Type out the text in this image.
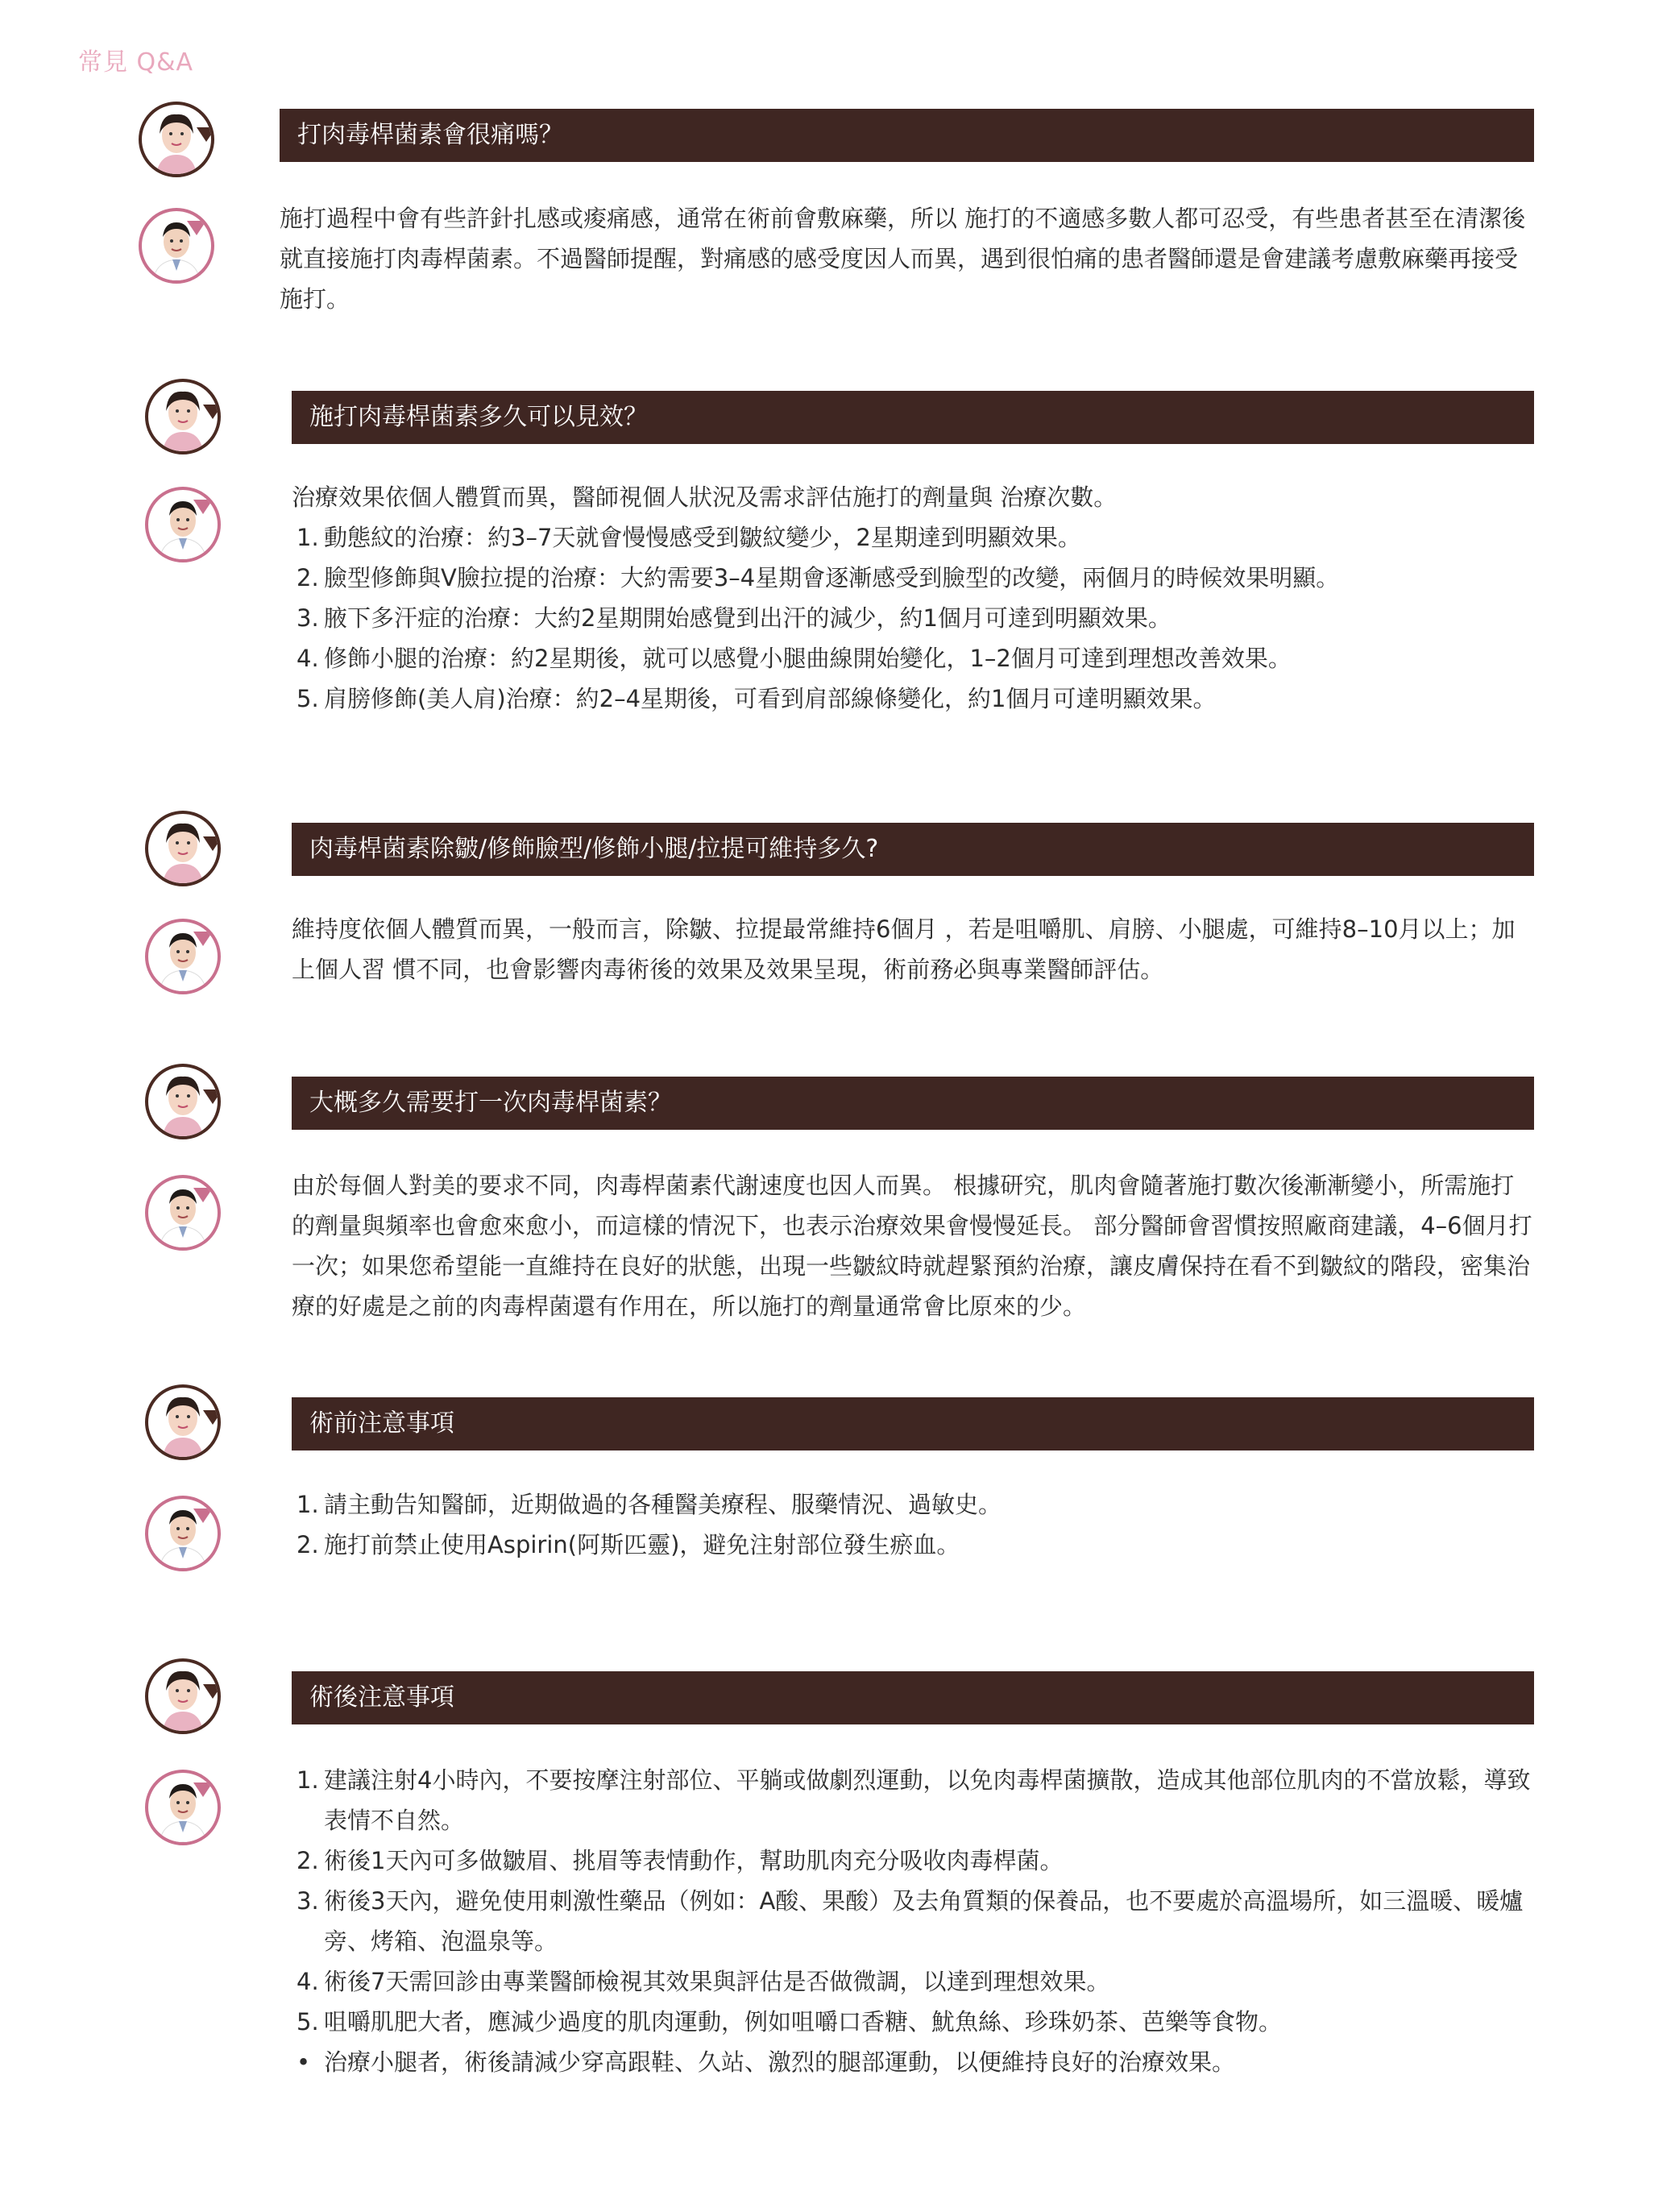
常見 Q&A
打肉毒桿菌素會很痛嗎？

施打過程中會有些許針扎感或痠痛感，通常在術前會敷麻藥，所以 施打的不適感多數人都可忍受，有些患者甚至在清潔後就直接施打肉毒桿菌素。不過醫師提醒，對痛感的感受度因人而異，遇到很怕痛的患者醫師還是會建議考慮敷麻藥再接受施打。

施打肉毒桿菌素多久可以見效？

治療效果依個人體質而異，醫師視個人狀況及需求評估施打的劑量與 治療次數。

1. 動態紋的治療：約3–7天就會慢慢感受到皺紋變少，2星期達到明顯效果。
2. 臉型修飾與V臉拉提的治療：大約需要3–4星期會逐漸感受到臉型的改變，兩個月的時候效果明顯。
3. 腋下多汗症的治療：大約2星期開始感覺到出汗的減少，約1個月可達到明顯效果。
4. 修飾小腿的治療：約2星期後，就可以感覺小腿曲線開始變化，1–2個月可達到理想改善效果。
5. 肩膀修飾(美人肩)治療：約2–4星期後，可看到肩部線條變化，約1個月可達明顯效果。
肉毒桿菌素除皺/修飾臉型/修飾小腿/拉提可維持多久?

維持度依個人體質而異，一般而言，除皺、拉提最常維持6個月 ，若是咀嚼肌、肩膀、小腿處，可維持8–10月以上；加上個人習 慣不同，也會影響肉毒術後的效果及效果呈現，術前務必與專業醫師評估。

大概多久需要打一次肉毒桿菌素？

由於每個人對美的要求不同，肉毒桿菌素代謝速度也因人而異。 根據研究，肌肉會隨著施打數次後漸漸變小，所需施打的劑量與頻率也會愈來愈小，而這樣的情況下，也表示治療效果會慢慢延長。 部分醫師會習慣按照廠商建議，4–6個月打一次；如果您希望能一直維持在良好的狀態，出現一些皺紋時就趕緊預約治療，讓皮膚保持在看不到皺紋的階段，密集治療的好處是之前的肉毒桿菌還有作用在，所以施打的劑量通常會比原來的少。

術前注意事項
1. 請主動告知醫師，近期做過的各種醫美療程、服藥情況、過敏史。
2. 施打前禁止使用Aspirin(阿斯匹靈)，避免注射部位發生瘀血。
術後注意事項
1. 建議注射4小時內，不要按摩注射部位、平躺或做劇烈運動，以免肉毒桿菌擴散，造成其他部位肌肉的不當放鬆，導致表情不自然。
2. 術後1天內可多做皺眉、挑眉等表情動作，幫助肌肉充分吸收肉毒桿菌。
3. 術後3天內，避免使用刺激性藥品（例如：A酸、果酸）及去角質類的保養品，也不要處於高溫場所，如三溫暖、暖爐旁、烤箱、泡溫泉等。
4. 術後7天需回診由專業醫師檢視其效果與評估是否做微調，以達到理想效果。
5. 咀嚼肌肥大者，應減少過度的肌肉運動，例如咀嚼口香糖、魷魚絲、珍珠奶茶、芭樂等食物。
• 治療小腿者，術後請減少穿高跟鞋、久站、激烈的腿部運動，以便維持良好的治療效果。
